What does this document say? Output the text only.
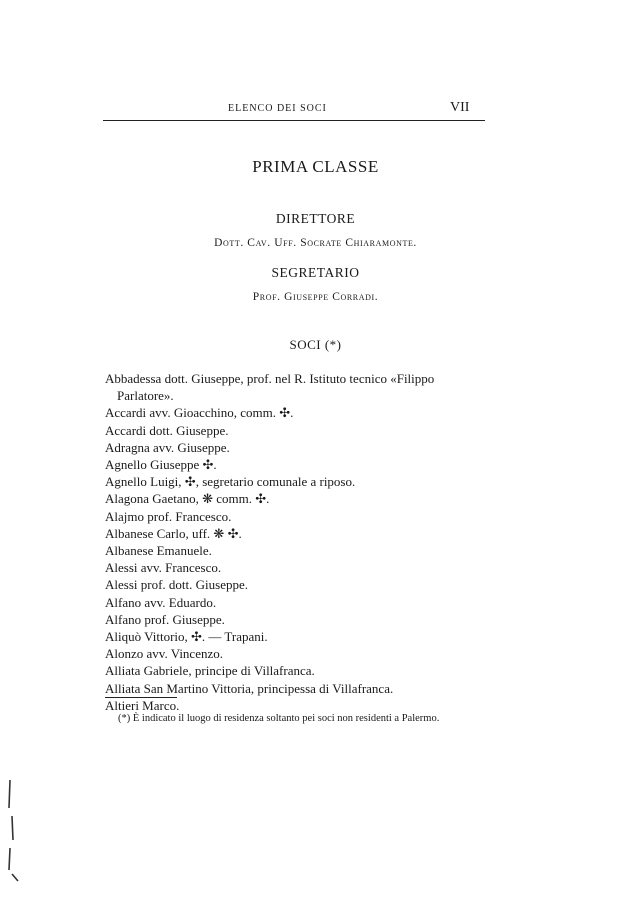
ELENCO DEI SOCI	VII
PRIMA CLASSE
DIRETTORE
Dott. Cav. Uff. Socrate Chiaramonte.
SEGRETARIO
Prof. Giuseppe Corradi.
SOCI (*)
Abbadessa dott. Giuseppe, prof. nel R. Istituto tecnico «Filippo Parlatore».
Accardi avv. Gioacchino, comm. ✣.
Accardi dott. Giuseppe.
Adragna avv. Giuseppe.
Agnello Giuseppe ✣.
Agnello Luigi, ✣, segretario comunale a riposo.
Alagona Gaetano, ❋ comm. ✣.
Alajmo prof. Francesco.
Albanese Carlo, uff. ❋ ✣.
Albanese Emanuele.
Alessi avv. Francesco.
Alessi prof. dott. Giuseppe.
Alfano avv. Eduardo.
Alfano prof. Giuseppe.
Aliquò Vittorio, ✣. — Trapani.
Alonzo avv. Vincenzo.
Alliata Gabriele, principe di Villafranca.
Alliata San Martino Vittoria, principessa di Villafranca.
Altieri Marco.
(*) È indicato il luogo di residenza soltanto pei soci non residenti a Palermo.
